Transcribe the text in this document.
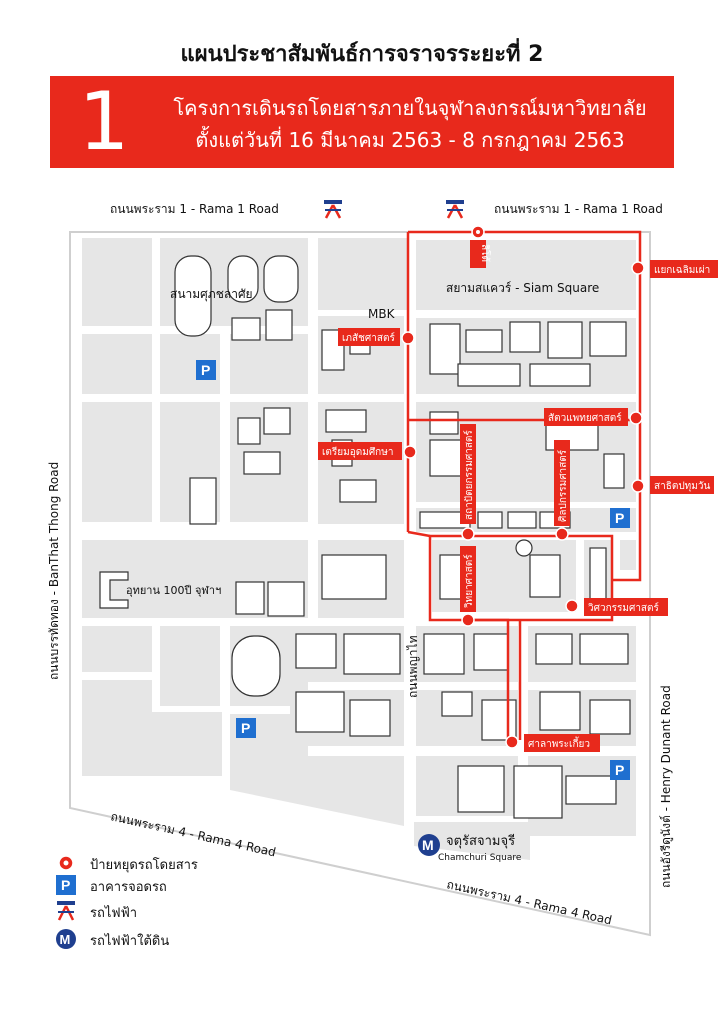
แผนประชาสัมพันธ์การจราจรระยะที่ 2
1	โครงการเดินรถโดยสารภายในจุฬาลงกรณ์มหาวิทยาลัย
ตั้งแต่วันที่ 16 มีนาคม 2563 - 8 กรกฎาคม 2563
ลิโด้
แยกเฉลิมเผ่า
เภสัชศาสตร์
สัตวแพทยศาสตร์
เตรียมอุดมศึกษา	สถาปัตยกรรมศาสตร์	ศิลปกรรมศาสตร์	สาธิตปทุมวัน
วิทยาศาสตร์
วิศวกรรมศาสตร์
ศาลาพระเกี้ยว
ถนนพระราม 1 - Rama 1 Road	ถนนพระราม 1 - Rama 1 Road
ถนนบรรทัดทอง - BanThat Thong Road
ถนนอังรีดูนังต์ - Henry Dunant Road
ถนนพระราม 4 - Rama 4 Road
ถนนพระราม 4 - Rama 4 Road
ถนนพญาไท
สนามศุภชลาศัย
MBK
สยามสแควร์ - Siam Square
อุทยาน 100ปี จุฬาฯ
จตุรัสจามจุรี
Chamchuri Square
P
P
P
P
M
ป้ายหยุดรถโดยสาร
P อาคารจอดรถ
รถไฟฟ้า
M รถไฟฟ้าใต้ดิน
